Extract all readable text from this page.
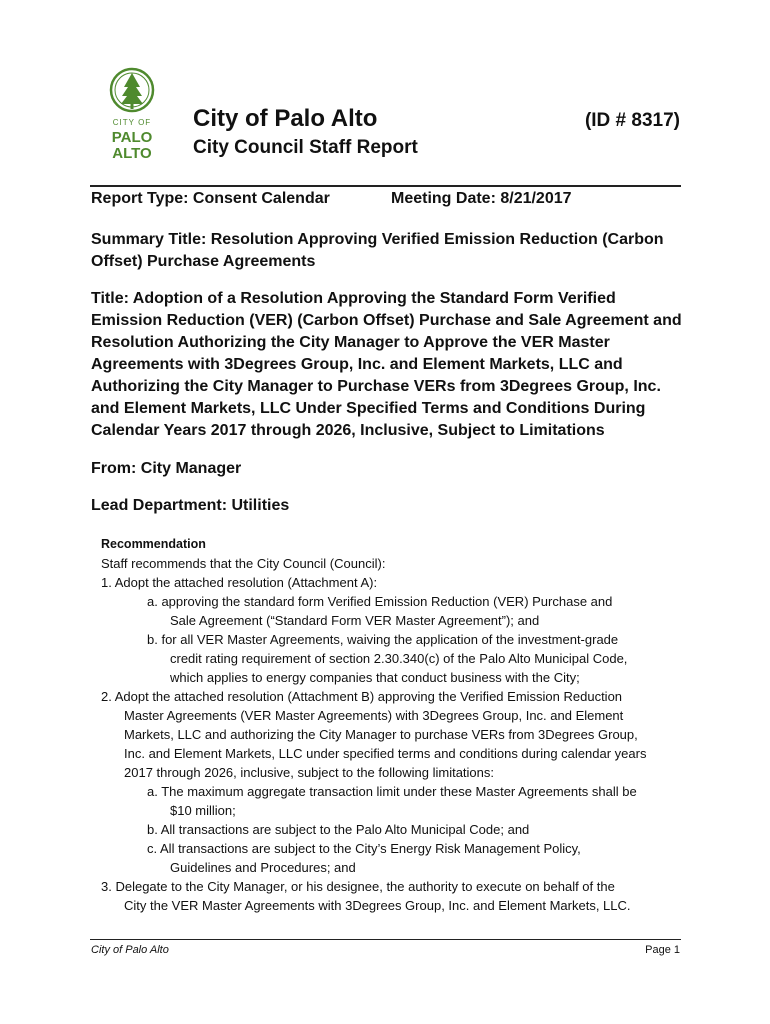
CITY OF
PALO
ALTO
City of Palo Alto	(ID # 8317)
City Council Staff Report
Report Type: Consent Calendar	Meeting Date: 8/21/2017
Summary Title: Resolution Approving Verified Emission Reduction (Carbon
Offset) Purchase Agreements
Title: Adoption of a Resolution Approving the Standard Form Verified
Emission Reduction (VER) (Carbon Offset) Purchase and Sale Agreement and
Resolution Authorizing the City Manager to Approve the VER Master
Agreements with 3Degrees Group, Inc. and Element Markets, LLC and
Authorizing the City Manager to Purchase VERs from 3Degrees Group, Inc.
and Element Markets, LLC Under Specified Terms and Conditions During
Calendar Years 2017 through 2026, Inclusive, Subject to Limitations
From: City Manager
Lead Department: Utilities
Recommendation
Staff recommends that the City Council (Council):
1. Adopt the attached resolution (Attachment A):
a. approving the standard form Verified Emission Reduction (VER) Purchase and
Sale Agreement (“Standard Form VER Master Agreement”); and
b. for all VER Master Agreements, waiving the application of the investment-grade
credit rating requirement of section 2.30.340(c) of the Palo Alto Municipal Code,
which applies to energy companies that conduct business with the City;
2. Adopt the attached resolution (Attachment B) approving the Verified Emission Reduction
Master Agreements (VER Master Agreements) with 3Degrees Group, Inc. and Element
Markets, LLC and authorizing the City Manager to purchase VERs from 3Degrees Group,
Inc. and Element Markets, LLC under specified terms and conditions during calendar years
2017 through 2026, inclusive, subject to the following limitations:
a. The maximum aggregate transaction limit under these Master Agreements shall be
$10 million;
b. All transactions are subject to the Palo Alto Municipal Code; and
c. All transactions are subject to the City’s Energy Risk Management Policy,
Guidelines and Procedures; and
3. Delegate to the City Manager, or his designee, the authority to execute on behalf of the
City the VER Master Agreements with 3Degrees Group, Inc. and Element Markets, LLC.
City of Palo Alto	Page 1
